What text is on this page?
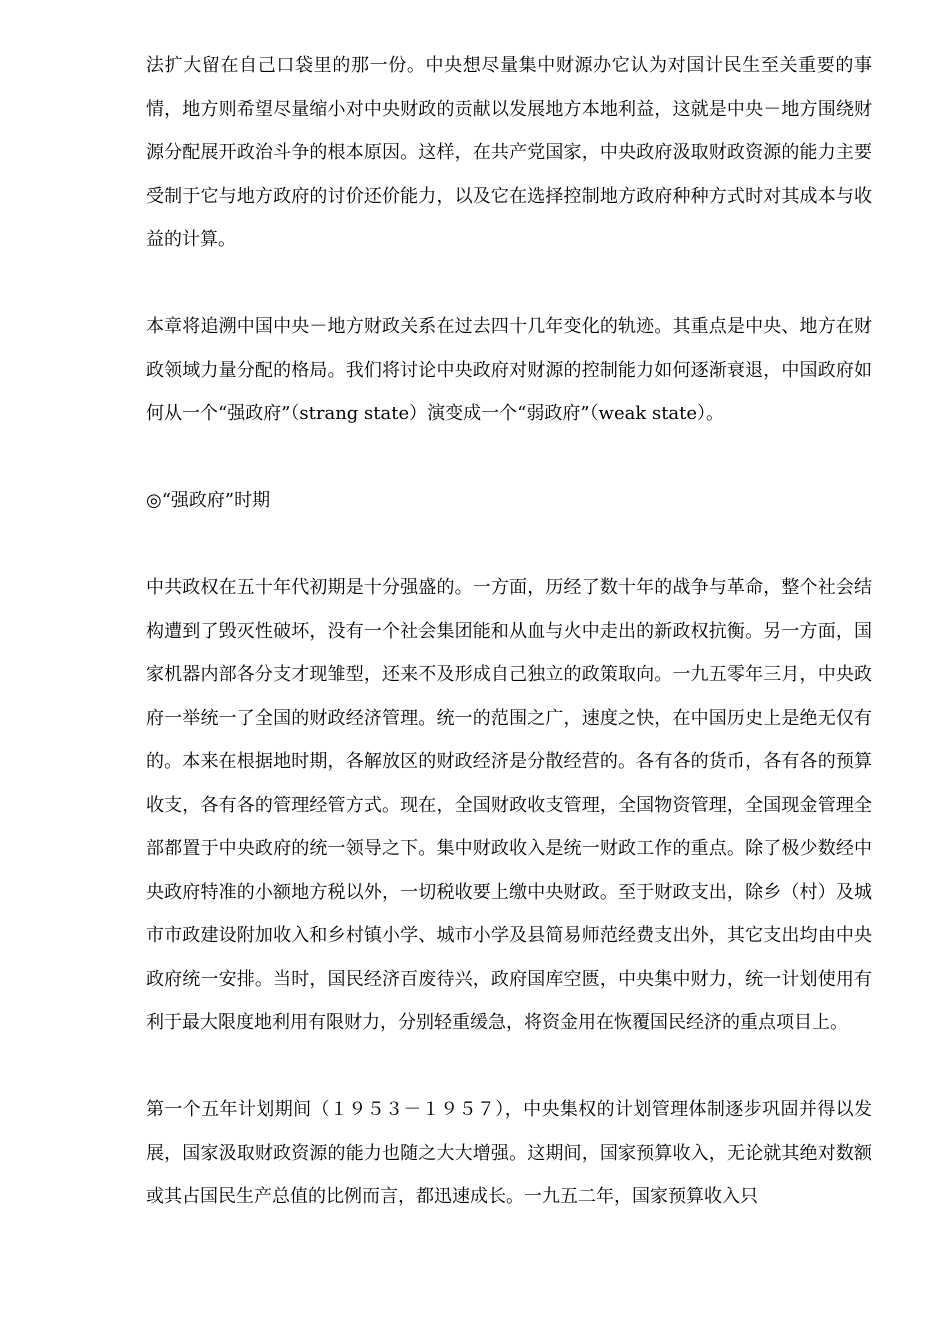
法扩大留在自己口袋里的那一份。中央想尽量集中财源办它认为对国计民生至关重要的事情，地方则希望尽量缩小对中央财政的贡献以发展地方本地利益，这就是中央－地方围绕财源分配展开政治斗争的根本原因。这样，在共产党国家，中央政府汲取财政资源的能力主要受制于它与地方政府的讨价还价能力，以及它在选择控制地方政府种种方式时对其成本与收益的计算。

本章将追溯中国中央－地方财政关系在过去四十几年变化的轨迹。其重点是中央、地方在财政领域力量分配的格局。我们将讨论中央政府对财源的控制能力如何逐渐衰退，中国政府如何从一个“强政府”（strang state）演变成一个“弱政府”（weak state）。

◎“强政府”时期

中共政权在五十年代初期是十分强盛的。一方面，历经了数十年的战争与革命，整个社会结构遭到了毁灭性破坏，没有一个社会集团能和从血与火中走出的新政权抗衡。另一方面，国家机器内部各分支才现雏型，还来不及形成自己独立的政策取向。一九五零年三月，中央政府一举统一了全国的财政经济管理。统一的范围之广，速度之快，在中国历史上是绝无仅有的。本来在根据地时期，各解放区的财政经济是分散经营的。各有各的货币，各有各的预算收支，各有各的管理经管方式。现在，全国财政收支管理，全国物资管理，全国现金管理全部都置于中央政府的统一领导之下。集中财政收入是统一财政工作的重点。除了极少数经中央政府特准的小额地方税以外，一切税收要上缴中央财政。至于财政支出，除乡（村）及城市市政建设附加收入和乡村镇小学、城市小学及县简易师范经费支出外，其它支出均由中央政府统一安排。当时，国民经济百废待兴，政府国库空匮，中央集中财力，统一计划使用有利于最大限度地利用有限财力，分别轻重缓急，将资金用在恢覆国民经济的重点项目上。

第一个五年计划期间（１９５３－１９５７），中央集权的计划管理体制逐步巩固并得以发展，国家汲取财政资源的能力也随之大大增强。这期间，国家预算收入，无论就其绝对数额或其占国民生产总值的比例而言，都迅速成长。一九五二年，国家预算收入只
